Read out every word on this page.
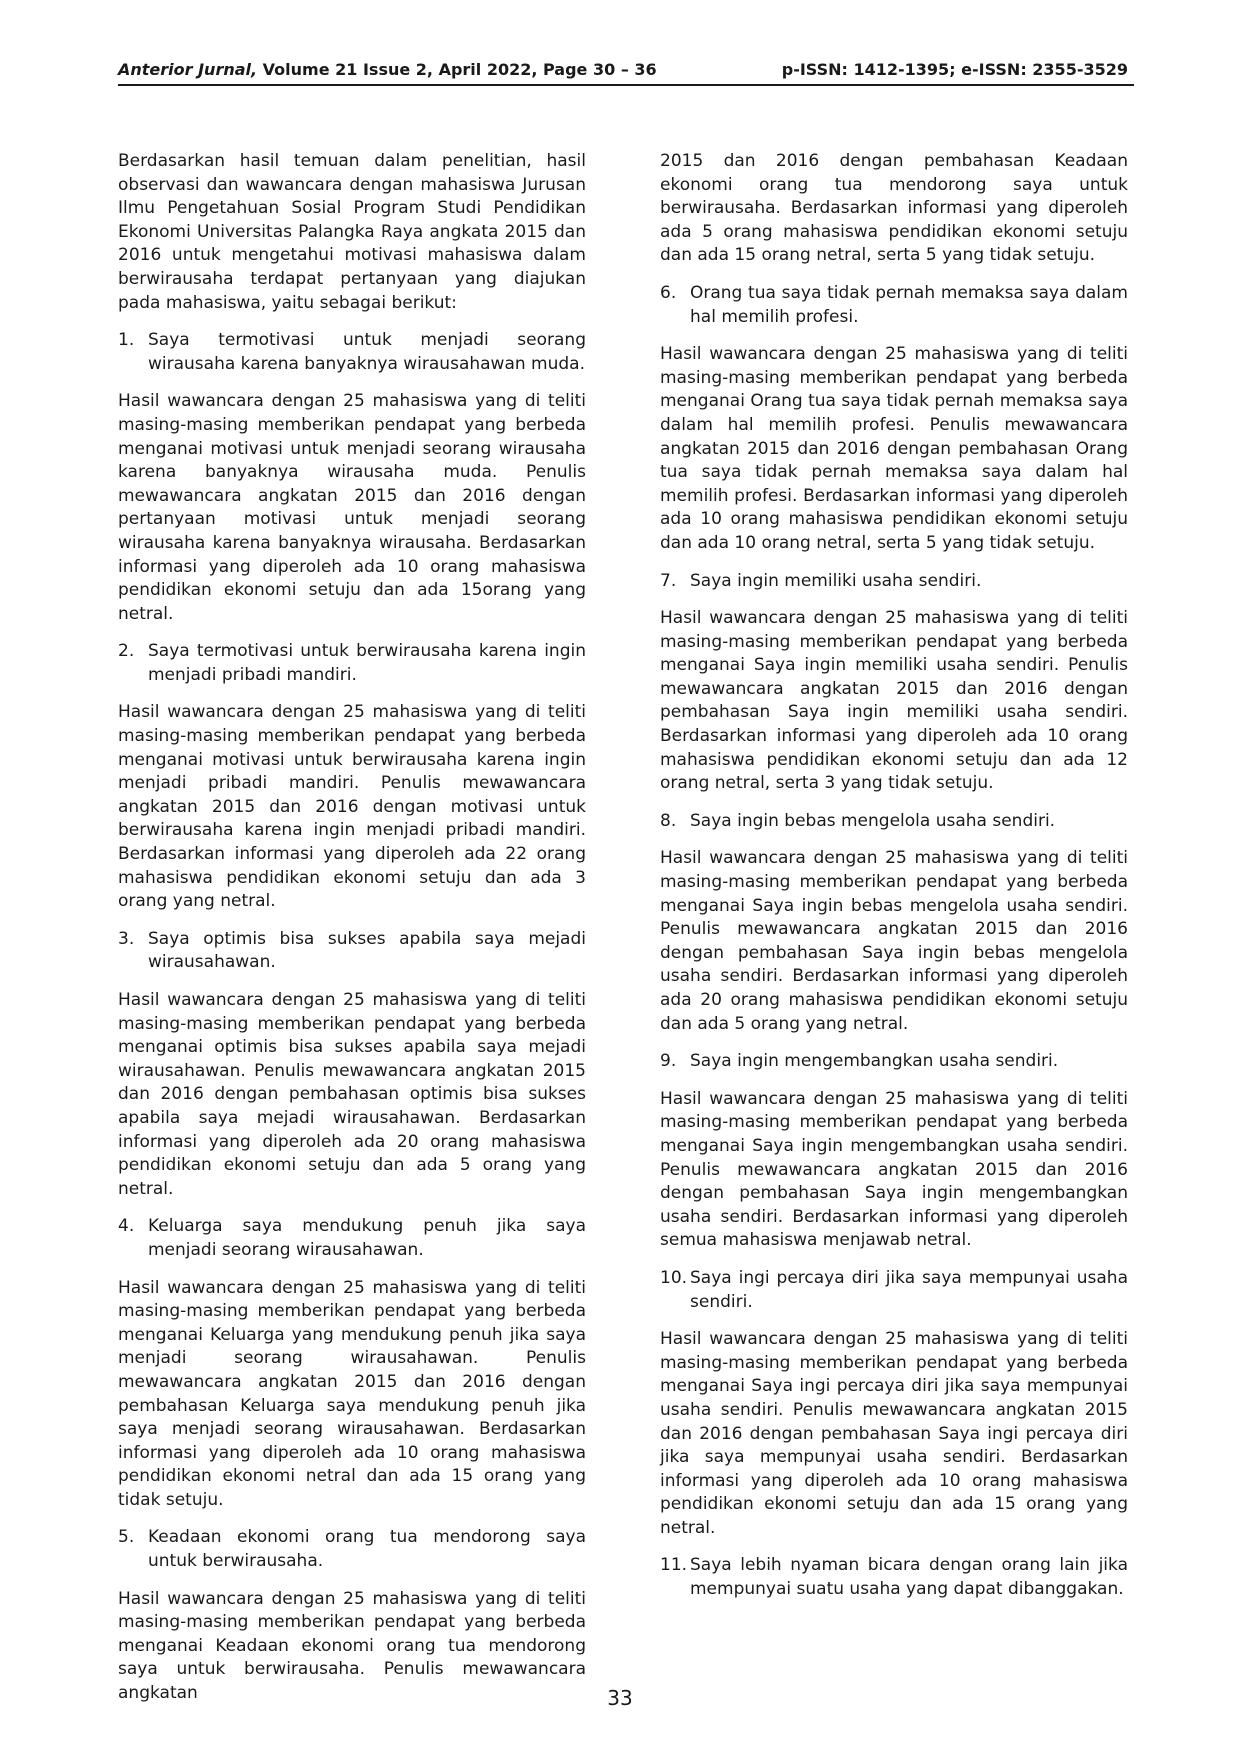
Anterior Jurnal, Volume 21 Issue 2, April 2022, Page 30 – 36	p-ISSN: 1412-1395; e-ISSN: 2355-3529

Berdasarkan hasil temuan dalam penelitian, hasil observasi dan wawancara dengan mahasiswa Jurusan Ilmu Pengetahuan Sosial Program Studi Pendidikan Ekonomi Universitas Palangka Raya angkata 2015 dan 2016 untuk mengetahui motivasi mahasiswa dalam berwirausaha terdapat pertanyaan yang diajukan pada mahasiswa, yaitu sebagai berikut:

1. Saya termotivasi untuk menjadi seorang wirausaha karena banyaknya wirausahawan muda.

Hasil wawancara dengan 25 mahasiswa yang di teliti masing-masing memberikan pendapat yang berbeda menganai motivasi untuk menjadi seorang wirausaha karena banyaknya wirausaha muda. Penulis mewawancara angkatan 2015 dan 2016 dengan pertanyaan motivasi untuk menjadi seorang wirausaha karena banyaknya wirausaha. Berdasarkan informasi yang diperoleh ada 10 orang mahasiswa pendidikan ekonomi setuju dan ada 15orang yang netral.

2. Saya termotivasi untuk berwirausaha karena ingin menjadi pribadi mandiri.

Hasil wawancara dengan 25 mahasiswa yang di teliti masing-masing memberikan pendapat yang berbeda menganai motivasi untuk berwirausaha karena ingin menjadi pribadi mandiri. Penulis mewawancara angkatan 2015 dan 2016 dengan motivasi untuk berwirausaha karena ingin menjadi pribadi mandiri. Berdasarkan informasi yang diperoleh ada 22 orang mahasiswa pendidikan ekonomi setuju dan ada 3 orang yang netral.

3. Saya optimis bisa sukses apabila saya mejadi wirausahawan.

Hasil wawancara dengan 25 mahasiswa yang di teliti masing-masing memberikan pendapat yang berbeda menganai optimis bisa sukses apabila saya mejadi wirausahawan. Penulis mewawancara angkatan 2015 dan 2016 dengan pembahasan optimis bisa sukses apabila saya mejadi wirausahawan. Berdasarkan informasi yang diperoleh ada 20 orang mahasiswa pendidikan ekonomi setuju dan ada 5 orang yang netral.

4. Keluarga saya mendukung penuh jika saya menjadi seorang wirausahawan.

Hasil wawancara dengan 25 mahasiswa yang di teliti masing-masing memberikan pendapat yang berbeda menganai Keluarga yang mendukung penuh jika saya menjadi seorang wirausahawan. Penulis mewawancara angkatan 2015 dan 2016 dengan pembahasan Keluarga saya mendukung penuh jika saya menjadi seorang wirausahawan. Berdasarkan informasi yang diperoleh ada 10 orang mahasiswa pendidikan ekonomi netral dan ada 15 orang yang tidak setuju.

5. Keadaan ekonomi orang tua mendorong saya untuk berwirausaha.

Hasil wawancara dengan 25 mahasiswa yang di teliti masing-masing memberikan pendapat yang berbeda menganai Keadaan ekonomi orang tua mendorong saya untuk berwirausaha. Penulis mewawancara angkatan

2015 dan 2016 dengan pembahasan Keadaan ekonomi orang tua mendorong saya untuk berwirausaha. Berdasarkan informasi yang diperoleh ada 5 orang mahasiswa pendidikan ekonomi setuju dan ada 15 orang netral, serta 5 yang tidak setuju.

6. Orang tua saya tidak pernah memaksa saya dalam hal memilih profesi.

Hasil wawancara dengan 25 mahasiswa yang di teliti masing-masing memberikan pendapat yang berbeda menganai Orang tua saya tidak pernah memaksa saya dalam hal memilih profesi. Penulis mewawancara angkatan 2015 dan 2016 dengan pembahasan Orang tua saya tidak pernah memaksa saya dalam hal memilih profesi. Berdasarkan informasi yang diperoleh ada 10 orang mahasiswa pendidikan ekonomi setuju dan ada 10 orang netral, serta 5 yang tidak setuju.

7. Saya ingin memiliki usaha sendiri.

Hasil wawancara dengan 25 mahasiswa yang di teliti masing-masing memberikan pendapat yang berbeda menganai Saya ingin memiliki usaha sendiri. Penulis mewawancara angkatan 2015 dan 2016 dengan pembahasan Saya ingin memiliki usaha sendiri. Berdasarkan informasi yang diperoleh ada 10 orang mahasiswa pendidikan ekonomi setuju dan ada 12 orang netral, serta 3 yang tidak setuju.

8. Saya ingin bebas mengelola usaha sendiri.

Hasil wawancara dengan 25 mahasiswa yang di teliti masing-masing memberikan pendapat yang berbeda menganai Saya ingin bebas mengelola usaha sendiri. Penulis mewawancara angkatan 2015 dan 2016 dengan pembahasan Saya ingin bebas mengelola usaha sendiri. Berdasarkan informasi yang diperoleh ada 20 orang mahasiswa pendidikan ekonomi setuju dan ada 5 orang yang netral.

9. Saya ingin mengembangkan usaha sendiri.

Hasil wawancara dengan 25 mahasiswa yang di teliti masing-masing memberikan pendapat yang berbeda menganai Saya ingin mengembangkan usaha sendiri. Penulis mewawancara angkatan 2015 dan 2016 dengan pembahasan Saya ingin mengembangkan usaha sendiri. Berdasarkan informasi yang diperoleh semua mahasiswa menjawab netral.

10. Saya ingi percaya diri jika saya mempunyai usaha sendiri.

Hasil wawancara dengan 25 mahasiswa yang di teliti masing-masing memberikan pendapat yang berbeda menganai Saya ingi percaya diri jika saya mempunyai usaha sendiri. Penulis mewawancara angkatan 2015 dan 2016 dengan pembahasan Saya ingi percaya diri jika saya mempunyai usaha sendiri. Berdasarkan informasi yang diperoleh ada 10 orang mahasiswa pendidikan ekonomi setuju dan ada 15 orang yang netral.

11. Saya lebih nyaman bicara dengan orang lain jika mempunyai suatu usaha yang dapat dibanggakan.
33
